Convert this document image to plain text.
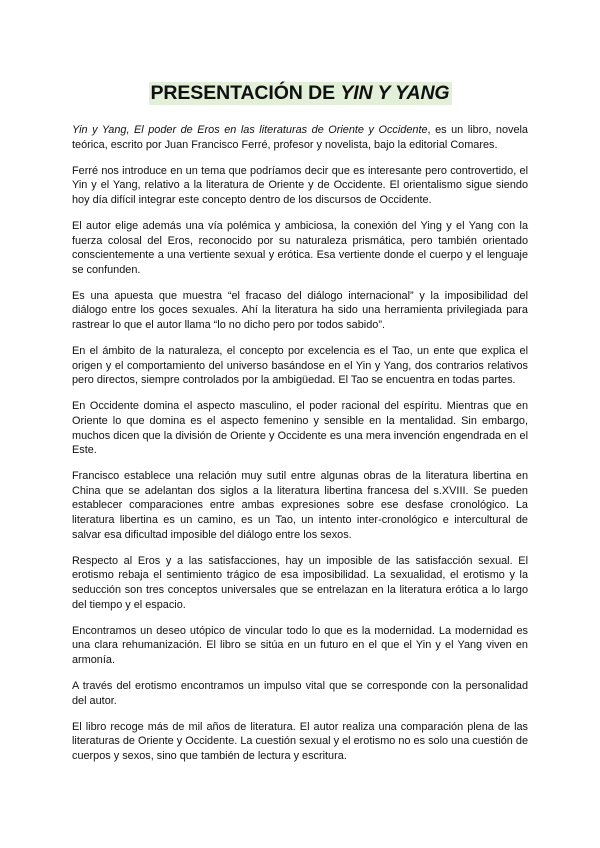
PRESENTACIÓN DE YIN Y YANG

Yin y Yang, El poder de Eros en las literaturas de Oriente y Occidente, es un libro, novela teórica, escrito por Juan Francisco Ferré, profesor y novelista, bajo la editorial Comares.

Ferré nos introduce en un tema que podríamos decir que es interesante pero controvertido, el Yin y el Yang, relativo a la literatura de Oriente y de Occidente. El orientalismo sigue siendo hoy día difícil integrar este concepto dentro de los discursos de Occidente.

El autor elige además una vía polémica y ambiciosa, la conexión del Ying y el Yang con la fuerza colosal del Eros, reconocido por su naturaleza prismática, pero también orientado conscientemente a una vertiente sexual y erótica. Esa vertiente donde el cuerpo y el lenguaje se confunden.

Es una apuesta que muestra “el fracaso del diálogo internacional” y la imposibilidad del diálogo entre los goces sexuales. Ahí la literatura ha sido una herramienta privilegiada para rastrear lo que el autor llama “lo no dicho pero por todos sabido”.

En el ámbito de la naturaleza, el concepto por excelencia es el Tao, un ente que explica el origen y el comportamiento del universo basándose en el Yin y Yang, dos contrarios relativos pero directos, siempre controlados por la ambigüedad. El Tao se encuentra en todas partes.

En Occidente domina el aspecto masculino, el poder racional del espíritu. Mientras que en Oriente lo que domina es el aspecto femenino y sensible en la mentalidad. Sin embargo, muchos dicen que la división de Oriente y Occidente es una mera invención engendrada en el Este.

Francisco establece una relación muy sutil entre algunas obras de la literatura libertina en China que se adelantan dos siglos a la literatura libertina francesa del s.XVIII. Se pueden establecer comparaciones entre ambas expresiones sobre ese desfase cronológico. La literatura libertina es un camino, es un Tao, un intento inter-cronológico e intercultural de salvar esa dificultad imposible del diálogo entre los sexos.

Respecto al Eros y a las satisfacciones, hay un imposible de las satisfacción sexual. El erotismo rebaja el sentimiento trágico de esa imposibilidad. La sexualidad, el erotismo y la seducción son tres conceptos universales que se entrelazan en la literatura erótica a lo largo del tiempo y el espacio.

Encontramos un deseo utópico de vincular todo lo que es la modernidad. La modernidad es una clara rehumanización. El libro se sitúa en un futuro en el que el Yin y el Yang viven en armonía.

A través del erotismo encontramos un impulso vital que se corresponde con la personalidad del autor.

El libro recoge más de mil años de literatura. El autor realiza una comparación plena de las literaturas de Oriente y Occidente. La cuestión sexual y el erotismo no es solo una cuestión de cuerpos y sexos, sino que también de lectura y escritura.
